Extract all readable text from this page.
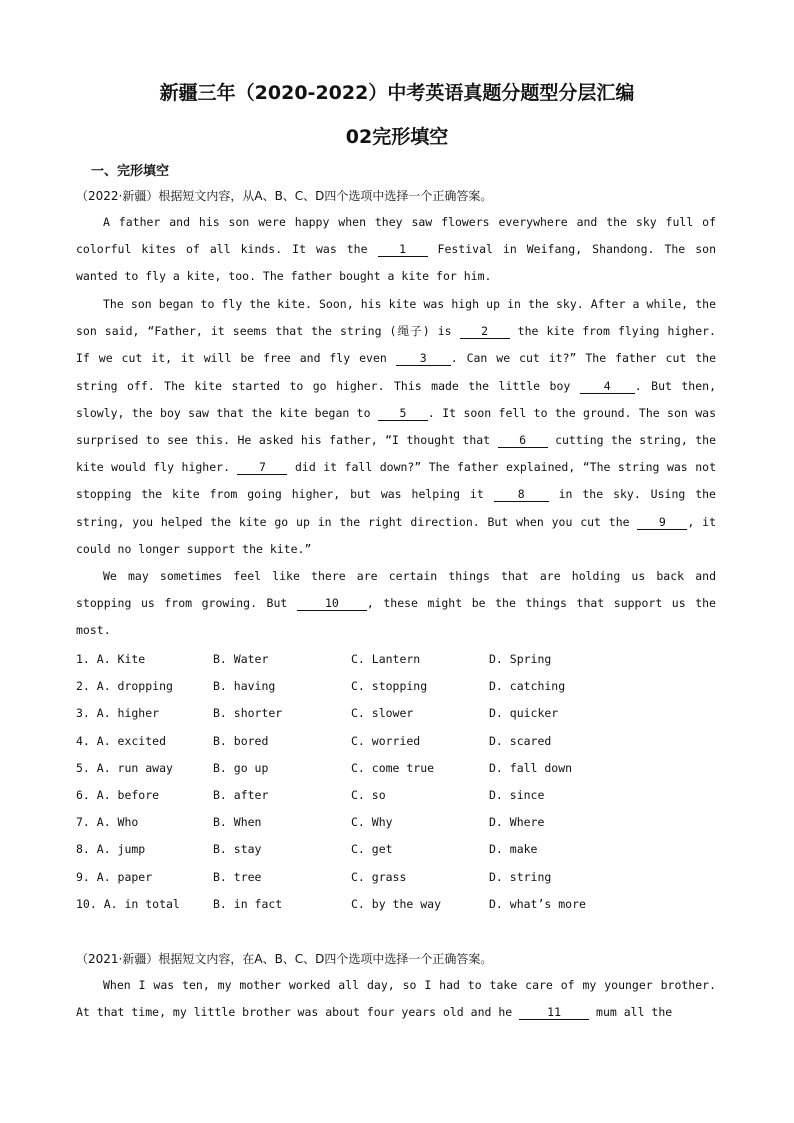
新疆三年（2020-2022）中考英语真题分题型分层汇编
02完形填空
一、完形填空
（2022·新疆）根据短文内容，从A、B、C、D四个选项中选择一个正确答案。
A father and his son were happy when they saw flowers everywhere and the sky full of colorful kites of all kinds. It was the 1 Festival in Weifang, Shandong. The son wanted to fly a kite, too. The father bought a kite for him.
The son began to fly the kite. Soon, his kite was high up in the sky. After a while, the son said, “Father, it seems that the string (绳子) is 2 the kite from flying higher. If we cut it, it will be free and fly even 3 . Can we cut it?” The father cut the string off. The kite started to go higher. This made the little boy 4 . But then, slowly, the boy saw that the kite began to 5 . It soon fell to the ground. The son was surprised to see this. He asked his father, “I thought that 6 cutting the string, the kite would fly higher. 7 did it fall down?” The father explained, “The string was not stopping the kite from going higher, but was helping it 8 in the sky. Using the string, you helped the kite go up in the right direction. But when you cut the 9 , it could no longer support the kite.”
We may sometimes feel like there are certain things that are holding us back and stopping us from growing. But 10 , these might be the things that support us the most.
1. A. Kite	B. Water	C. Lantern	D. Spring
2. A. dropping	B. having	C. stopping	D. catching
3. A. higher	B. shorter	C. slower	D. quicker
4. A. excited	B. bored	C. worried	D. scared
5. A. run away	B. go up	C. come true	D. fall down
6. A. before	B. after	C. so	D. since
7. A. Who	B. When	C. Why	D. Where
8. A. jump	B. stay	C. get	D. make
9. A. paper	B. tree	C. grass	D. string
10. A. in total	B. in fact	C. by the way	D. what’s more
（2021·新疆）根据短文内容，在A、B、C、D四个选项中选择一个正确答案。
When I was ten, my mother worked all day, so I had to take care of my younger brother. At that time, my little brother was about four years old and he 11 mum all the
